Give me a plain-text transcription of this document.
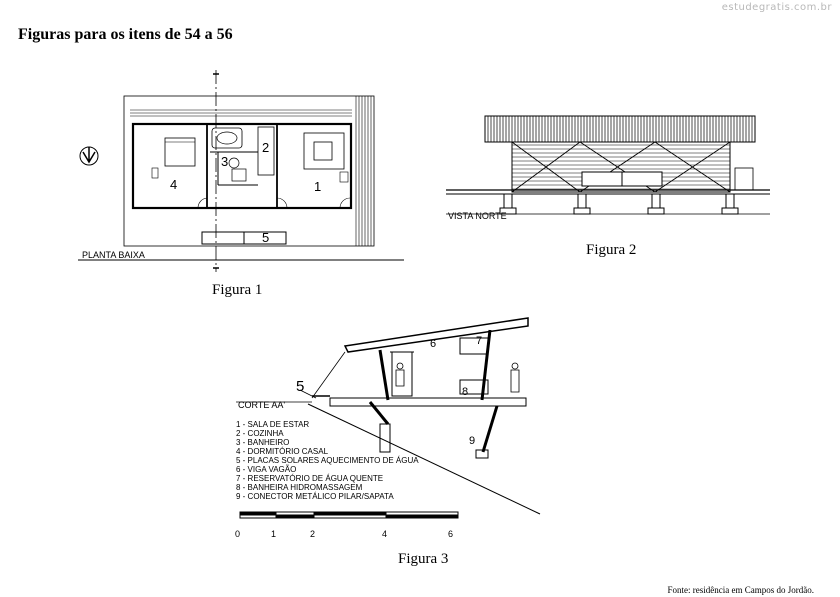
estudegratis.com.br
Figuras para os itens de 54 a 56
1
2
3
4
5
PLANTA BAIXA
Figura 1
VISTA NORTE
Figura 2
5
6	7
8
9
CORTE AA'
1 - SALA DE ESTAR
2 - COZINHA
3 - BANHEIRO
4 - DORMITÓRIO CASAL
5 - PLACAS SOLARES AQUECIMENTO DE ÁGUA
6 - VIGA VAGÃO
7 - RESERVATÓRIO DE ÁGUA QUENTE
8 - BANHEIRA HIDROMASSAGEM
9 - CONECTOR METÁLICO PILAR/SAPATA
0	1	2	4	6
Figura 3
Fonte: residência em Campos do Jordão.
